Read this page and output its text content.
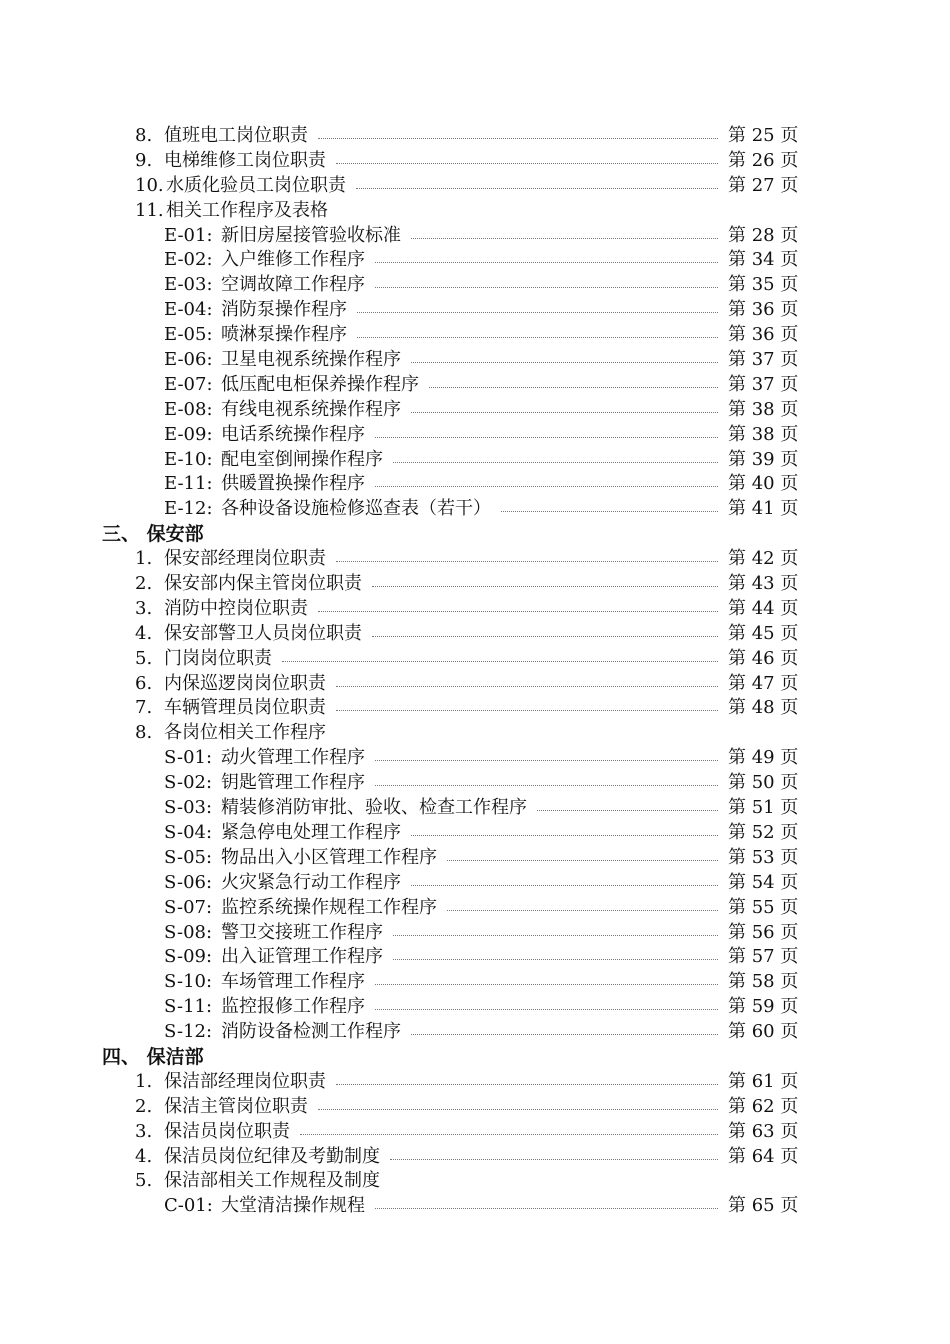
8. 值班电工岗位职责	第 25 页
9. 电梯维修工岗位职责	第 26 页
10. 水质化验员工岗位职责	第 27 页
11. 相关工作程序及表格
E-01: 新旧房屋接管验收标准	第 28 页
E-02: 入户维修工作程序	第 34 页
E-03: 空调故障工作程序	第 35 页
E-04: 消防泵操作程序	第 36 页
E-05: 喷淋泵操作程序	第 36 页
E-06: 卫星电视系统操作程序	第 37 页
E-07: 低压配电柜保养操作程序	第 37 页
E-08: 有线电视系统操作程序	第 38 页
E-09: 电话系统操作程序	第 38 页
E-10: 配电室倒闸操作程序	第 39 页
E-11: 供暖置换操作程序	第 40 页
E-12: 各种设备设施检修巡查表（若干）	第 41 页
三、 保安部
1. 保安部经理岗位职责	第 42 页
2. 保安部内保主管岗位职责	第 43 页
3. 消防中控岗位职责	第 44 页
4. 保安部警卫人员岗位职责	第 45 页
5. 门岗岗位职责	第 46 页
6. 内保巡逻岗岗位职责	第 47 页
7. 车辆管理员岗位职责	第 48 页
8. 各岗位相关工作程序
S-01: 动火管理工作程序	第 49 页
S-02: 钥匙管理工作程序	第 50 页
S-03: 精装修消防审批、验收、检查工作程序	第 51 页
S-04: 紧急停电处理工作程序	第 52 页
S-05: 物品出入小区管理工作程序	第 53 页
S-06: 火灾紧急行动工作程序	第 54 页
S-07: 监控系统操作规程工作程序	第 55 页
S-08: 警卫交接班工作程序	第 56 页
S-09: 出入证管理工作程序	第 57 页
S-10: 车场管理工作程序	第 58 页
S-11: 监控报修工作程序	第 59 页
S-12: 消防设备检测工作程序	第 60 页
四、 保洁部
1. 保洁部经理岗位职责	第 61 页
2. 保洁主管岗位职责	第 62 页
3. 保洁员岗位职责	第 63 页
4. 保洁员岗位纪律及考勤制度	第 64 页
5. 保洁部相关工作规程及制度
C-01: 大堂清洁操作规程	第 65 页
